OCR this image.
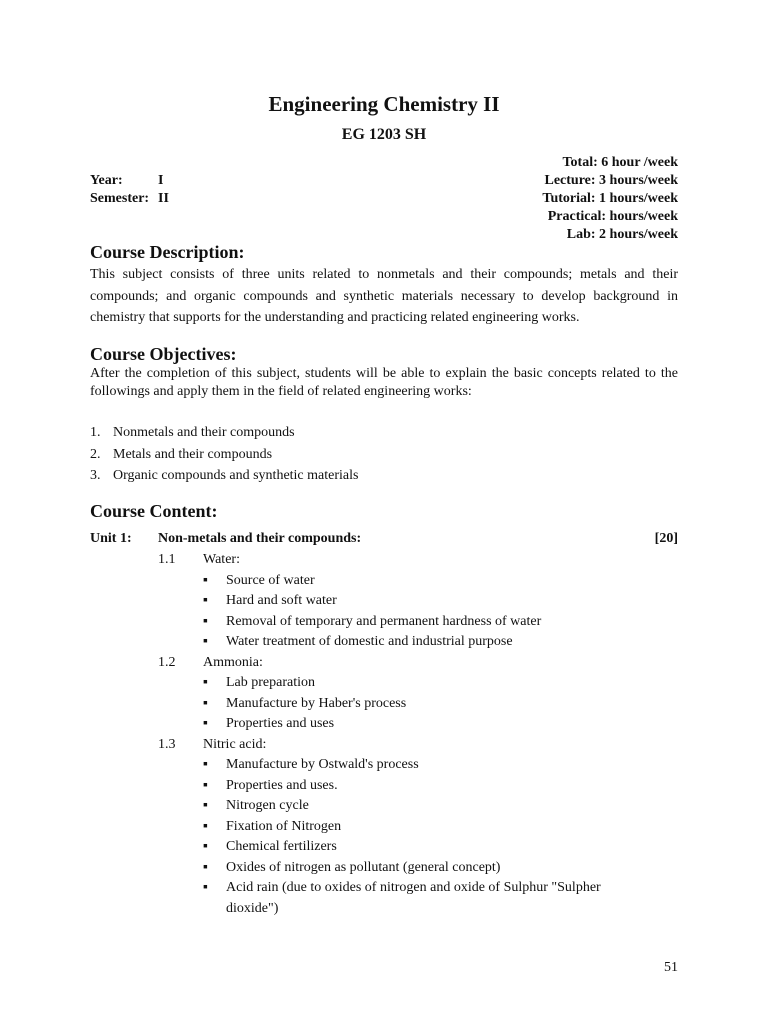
Engineering Chemistry II
EG 1203 SH
Total: 6 hour /week
Lecture: 3 hours/week
Tutorial: 1 hours/week
Practical: hours/week
Lab: 2 hours/week
Year:	I
Semester: II
Course Description:
This subject consists of three units related to nonmetals and their compounds; metals and their compounds; and organic compounds and synthetic materials necessary to develop background in chemistry that supports for the understanding and practicing related engineering works.
Course Objectives:
After the completion of this subject, students will be able to explain the basic concepts related to the followings and apply them in the field of related engineering works:
1. Nonmetals and their compounds
2. Metals and their compounds
3. Organic compounds and synthetic materials
Course Content:
Unit 1: Non-metals and their compounds:	[20]
1.1 Water:
▪	Source of water
▪	Hard and soft water
▪	Removal of temporary and permanent hardness of water
▪	Water treatment of domestic and industrial purpose
1.2 Ammonia:
▪	Lab preparation
▪	Manufacture by Haber's process
▪	Properties and uses
1.3 Nitric acid:
▪	Manufacture by Ostwald's process
▪	Properties and uses.
▪	Nitrogen cycle
▪	Fixation of Nitrogen
▪	Chemical fertilizers
▪	Oxides of nitrogen as pollutant (general concept)
▪	Acid rain (due to oxides of nitrogen and oxide of Sulphur "Sulpher dioxide")
51
